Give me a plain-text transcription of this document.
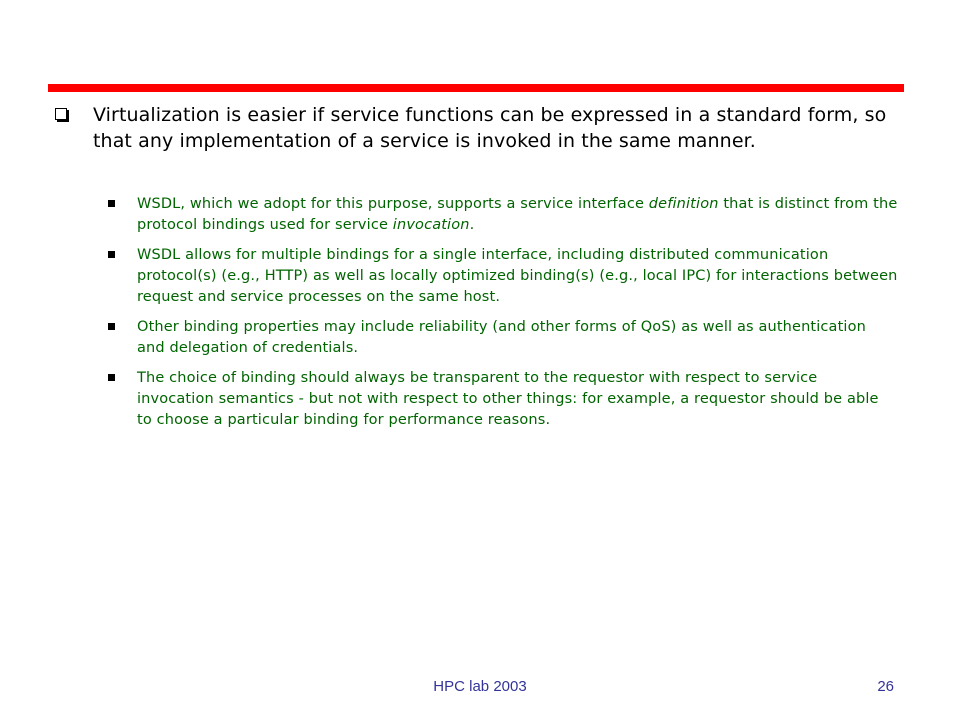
Virtualization is easier if service functions can be expressed in a standard form, so that any implementation of a service is invoked in the same manner.
WSDL, which we adopt for this purpose, supports a service interface definition that is distinct from the protocol bindings used for service invocation.
WSDL allows for multiple bindings for a single interface, including distributed communication protocol(s) (e.g., HTTP) as well as locally optimized binding(s) (e.g., local IPC) for interactions between request and service processes on the same host.
Other binding properties may include reliability (and other forms of QoS) as well as authentication and delegation of credentials.
The choice of binding should always be transparent to the requestor with respect to service invocation semantics - but not with respect to other things: for example, a requestor should be able to choose a particular binding for performance reasons.
HPC lab 2003	26
